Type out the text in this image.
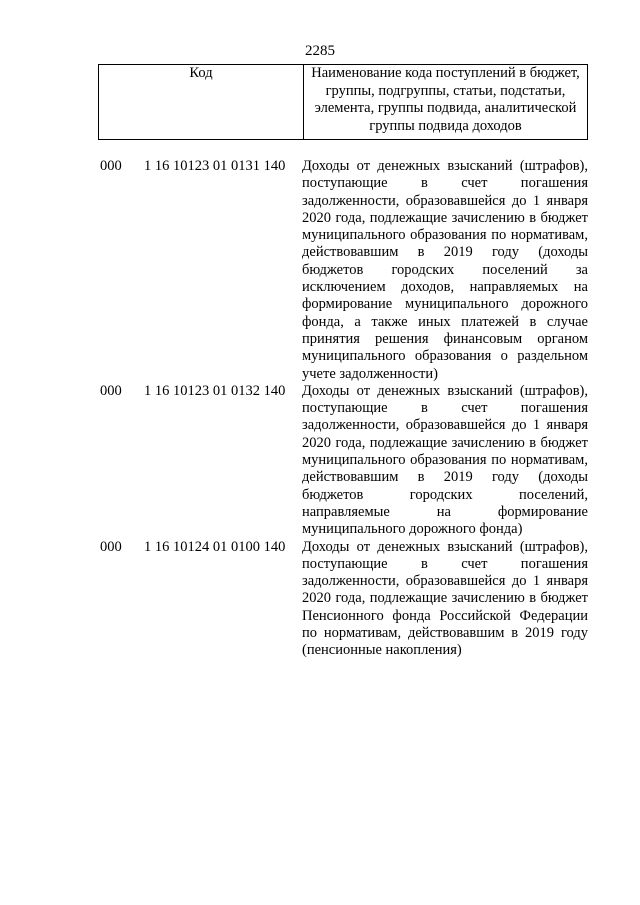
2285
Код	Наименование кода поступлений в бюджет, группы, подгруппы, статьи, подстатьи, элемента, группы подвида, аналитической группы подвида доходов
000	1 16 10123 01 0131 140	Доходы от денежных взысканий (штрафов), поступающие в счет погашения задолженности, образовавшейся до 1 января 2020 года, подлежащие зачислению в бюджет муниципального образования по нормативам, действовавшим в 2019 году (доходы бюджетов городских поселений за исключением доходов, направляемых на формирование муниципального дорожного фонда, а также иных платежей в случае принятия решения финансовым органом муниципального образования о раздельном учете задолженности)
000	1 16 10123 01 0132 140	Доходы от денежных взысканий (штрафов), поступающие в счет погашения задолженности, образовавшейся до 1 января 2020 года, подлежащие зачислению в бюджет муниципального образования по нормативам, действовавшим в 2019 году (доходы бюджетов городских поселений, направляемые на формирование муниципального дорожного фонда)
000	1 16 10124 01 0100 140	Доходы от денежных взысканий (штрафов), поступающие в счет погашения задолженности, образовавшейся до 1 января 2020 года, подлежащие зачислению в бюджет Пенсионного фонда Российской Федерации по нормативам, действовавшим в 2019 году (пенсионные накопления)
